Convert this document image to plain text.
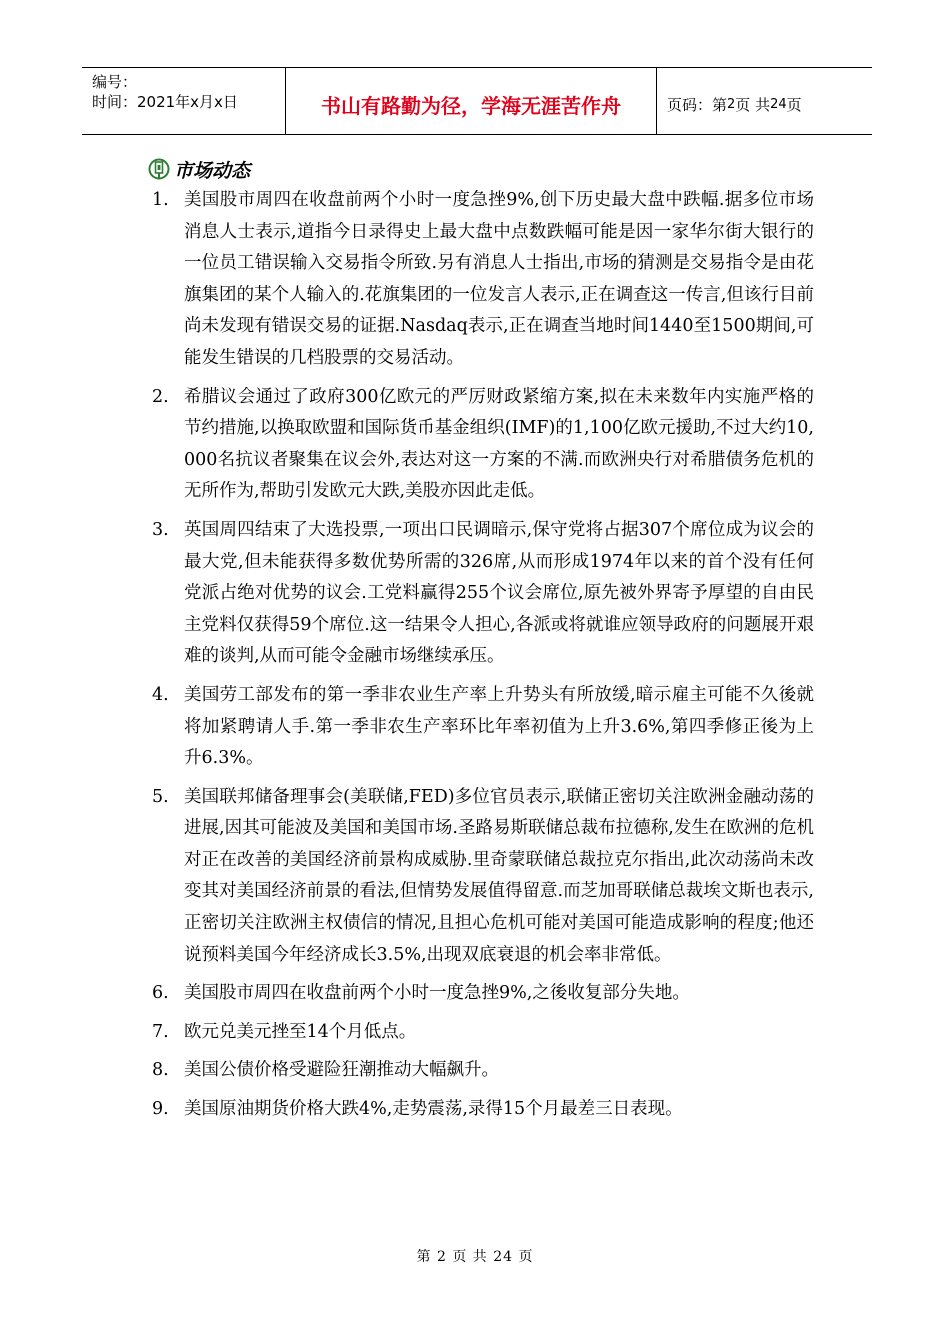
编号：
时间：2021年x月x日	书山有路勤为径，学海无涯苦作舟	页码：第 2 页 共 24 页
市场动态
1. 美国股市周四在收盘前两个小时一度急挫9%,创下历史最大盘中跌幅.据多位市场消息人士表示,道指今日录得史上最大盘中点数跌幅可能是因一家华尔街大银行的一位员工错误输入交易指令所致.另有消息人士指出,市场的猜测是交易指令是由花旗集团的某个人输入的.花旗集团的一位发言人表示,正在调查这一传言,但该行目前尚未发现有错误交易的证据.Nasdaq表示,正在调查当地时间1440至1500期间,可能发生错误的几档股票的交易活动。
2. 希腊议会通过了政府300亿欧元的严厉财政紧缩方案,拟在未来数年内实施严格的节约措施,以换取欧盟和国际货币基金组织(IMF)的1,100亿欧元援助,不过大约10,000名抗议者聚集在议会外,表达对这一方案的不满.而欧洲央行对希腊债务危机的无所作为,帮助引发欧元大跌,美股亦因此走低。
3. 英国周四结束了大选投票,一项出口民调暗示,保守党将占据307个席位成为议会的最大党,但未能获得多数优势所需的326席,从而形成1974年以来的首个没有任何党派占绝对优势的议会.工党料赢得255个议会席位,原先被外界寄予厚望的自由民主党料仅获得59个席位.这一结果令人担心,各派或将就谁应领导政府的问题展开艰难的谈判,从而可能令金融市场继续承压。
4. 美国劳工部发布的第一季非农业生产率上升势头有所放缓,暗示雇主可能不久後就将加紧聘请人手.第一季非农生产率环比年率初值为上升3.6%,第四季修正後为上升6.3%。
5. 美国联邦储备理事会(美联储,FED)多位官员表示,联储正密切关注欧洲金融动荡的进展,因其可能波及美国和美国市场.圣路易斯联储总裁布拉德称,发生在欧洲的危机对正在改善的美国经济前景构成威胁.里奇蒙联储总裁拉克尔指出,此次动荡尚未改变其对美国经济前景的看法,但情势发展值得留意.而芝加哥联储总裁埃文斯也表示,正密切关注欧洲主权债信的情况,且担心危机可能对美国可能造成影响的程度;他还说预料美国今年经济成长3.5%,出现双底衰退的机会率非常低。
6. 美国股市周四在收盘前两个小时一度急挫9%,之後收复部分失地。
7. 欧元兑美元挫至14个月低点。
8. 美国公债价格受避险狂潮推动大幅飙升。
9. 美国原油期货价格大跌4%,走势震荡,录得15个月最差三日表现。
第 2 页 共 24 页
